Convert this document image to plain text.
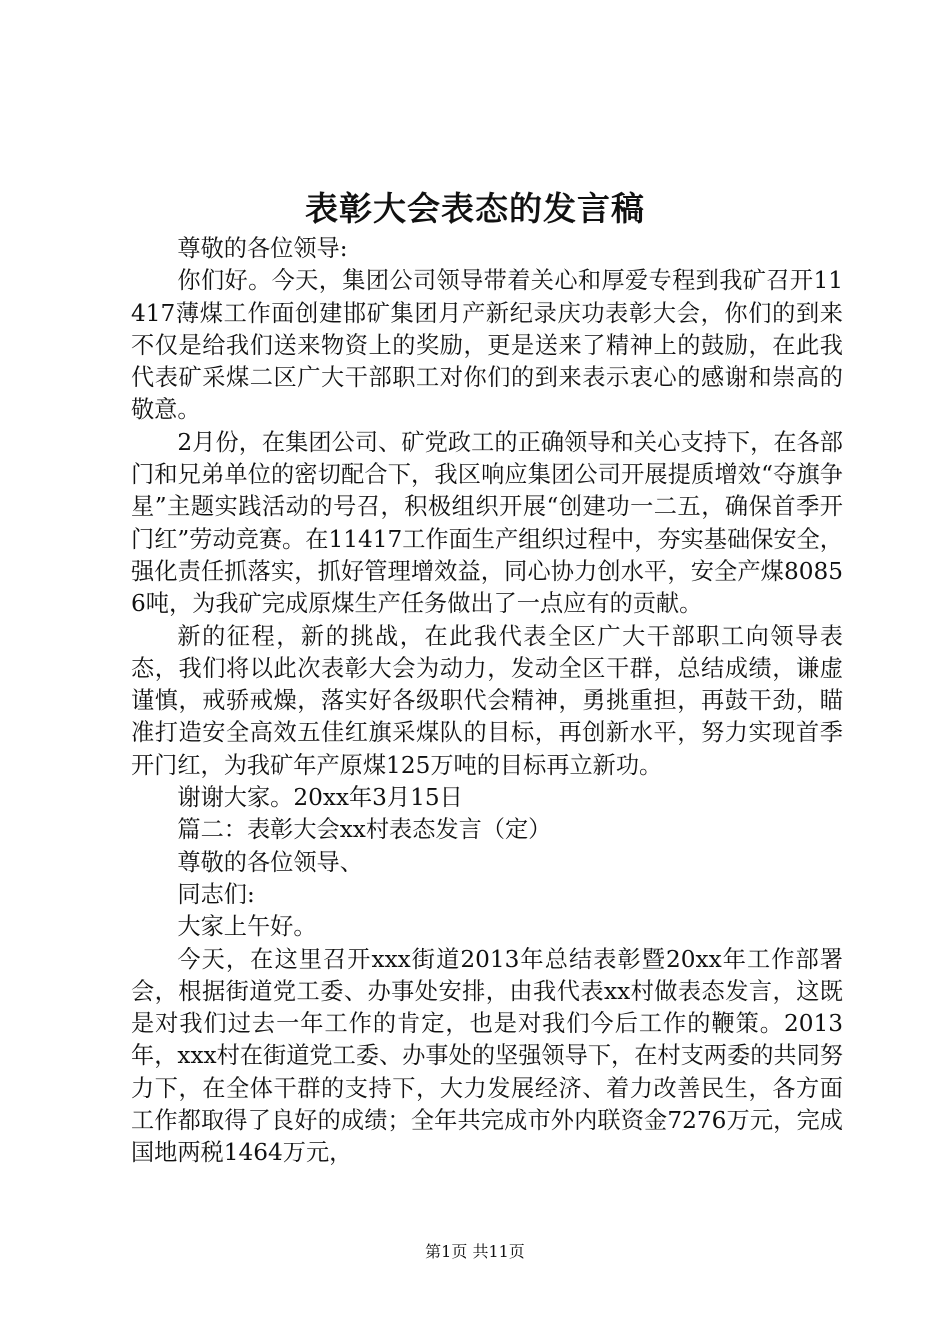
表彰大会表态的发言稿

尊敬的各位领导:

你们好。今天，集团公司领导带着关心和厚爱专程到我矿召开11417薄煤工作面创建邯矿集团月产新纪录庆功表彰大会，你们的到来不仅是给我们送来物资上的奖励，更是送来了精神上的鼓励，在此我代表矿采煤二区广大干部职工对你们的到来表示衷心的感谢和崇高的敬意。

2月份，在集团公司、矿党政工的正确领导和关心支持下，在各部门和兄弟单位的密切配合下，我区响应集团公司开展提质增效“夺旗争星”主题实践活动的号召，积极组织开展“创建功一二五，确保首季开门红”劳动竞赛。在11417工作面生产组织过程中，夯实基础保安全，强化责任抓落实，抓好管理增效益，同心协力创水平，安全产煤80856吨，为我矿完成原煤生产任务做出了一点应有的贡献。

新的征程，新的挑战，在此我代表全区广大干部职工向领导表态，我们将以此次表彰大会为动力，发动全区干群，总结成绩，谦虚谨慎，戒骄戒燥，落实好各级职代会精神，勇挑重担，再鼓干劲，瞄准打造安全高效五佳红旗采煤队的目标，再创新水平，努力实现首季开门红，为我矿年产原煤125万吨的目标再立新功。

谢谢大家。20xx年3月15日

篇二：表彰大会xx村表态发言（定）

尊敬的各位领导、

同志们:

大家上午好。

今天，在这里召开xxx街道2013年总结表彰暨20xx年工作部署会，根据街道党工委、办事处安排，由我代表xx村做表态发言，这既是对我们过去一年工作的肯定，也是对我们今后工作的鞭策。2013年，xxx村在街道党工委、办事处的坚强领导下，在村支两委的共同努力下，在全体干群的支持下，大力发展经济、着力改善民生，各方面工作都取得了良好的成绩；全年共完成市外内联资金7276万元，完成国地两税1464万元，

第1页 共11页
